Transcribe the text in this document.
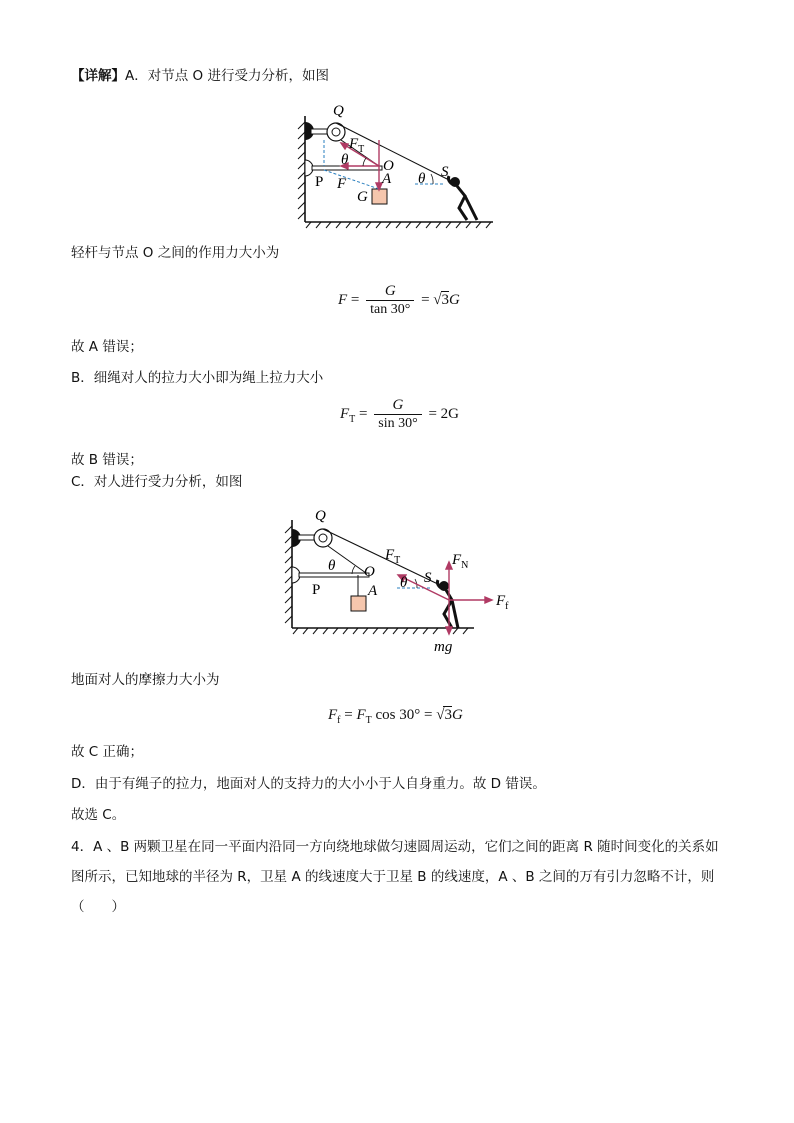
【详解】A．对节点 O 进行受力分析，如图
Q
$F_T$
θ O
P F A
G
S
θ
轻杆与节点 O 之间的作用力大小为
$F = \frac{G}{\tan 30^\circ} = √3G$
故 A 错误；
B．细绳对人的拉力大小即为绳上拉力大小
$F_T = \frac{G}{\sin 30^\circ} = 2G$
故 B 错误；
C．对人进行受力分析，如图
Q
$F_T$	$F_N$
θ O
P	A
S
θ
$F_f$
mg
地面对人的摩擦力大小为
$F_f = F_T$ cos 30° = √3G
故 C 正确；
D．由于有绳子的拉力，地面对人的支持力的大小小于人自身重力。故 D 错误。
故选 C。
4．A 、B 两颗卫星在同一平面内沿同一方向绕地球做匀速圆周运动，它们之间的距离 R 随时间变化的关系如图所示，已知地球的半径为 R，卫星 A 的线速度大于卫星 B 的线速度，A 、B 之间的万有引力忽略不计，则（　　）
